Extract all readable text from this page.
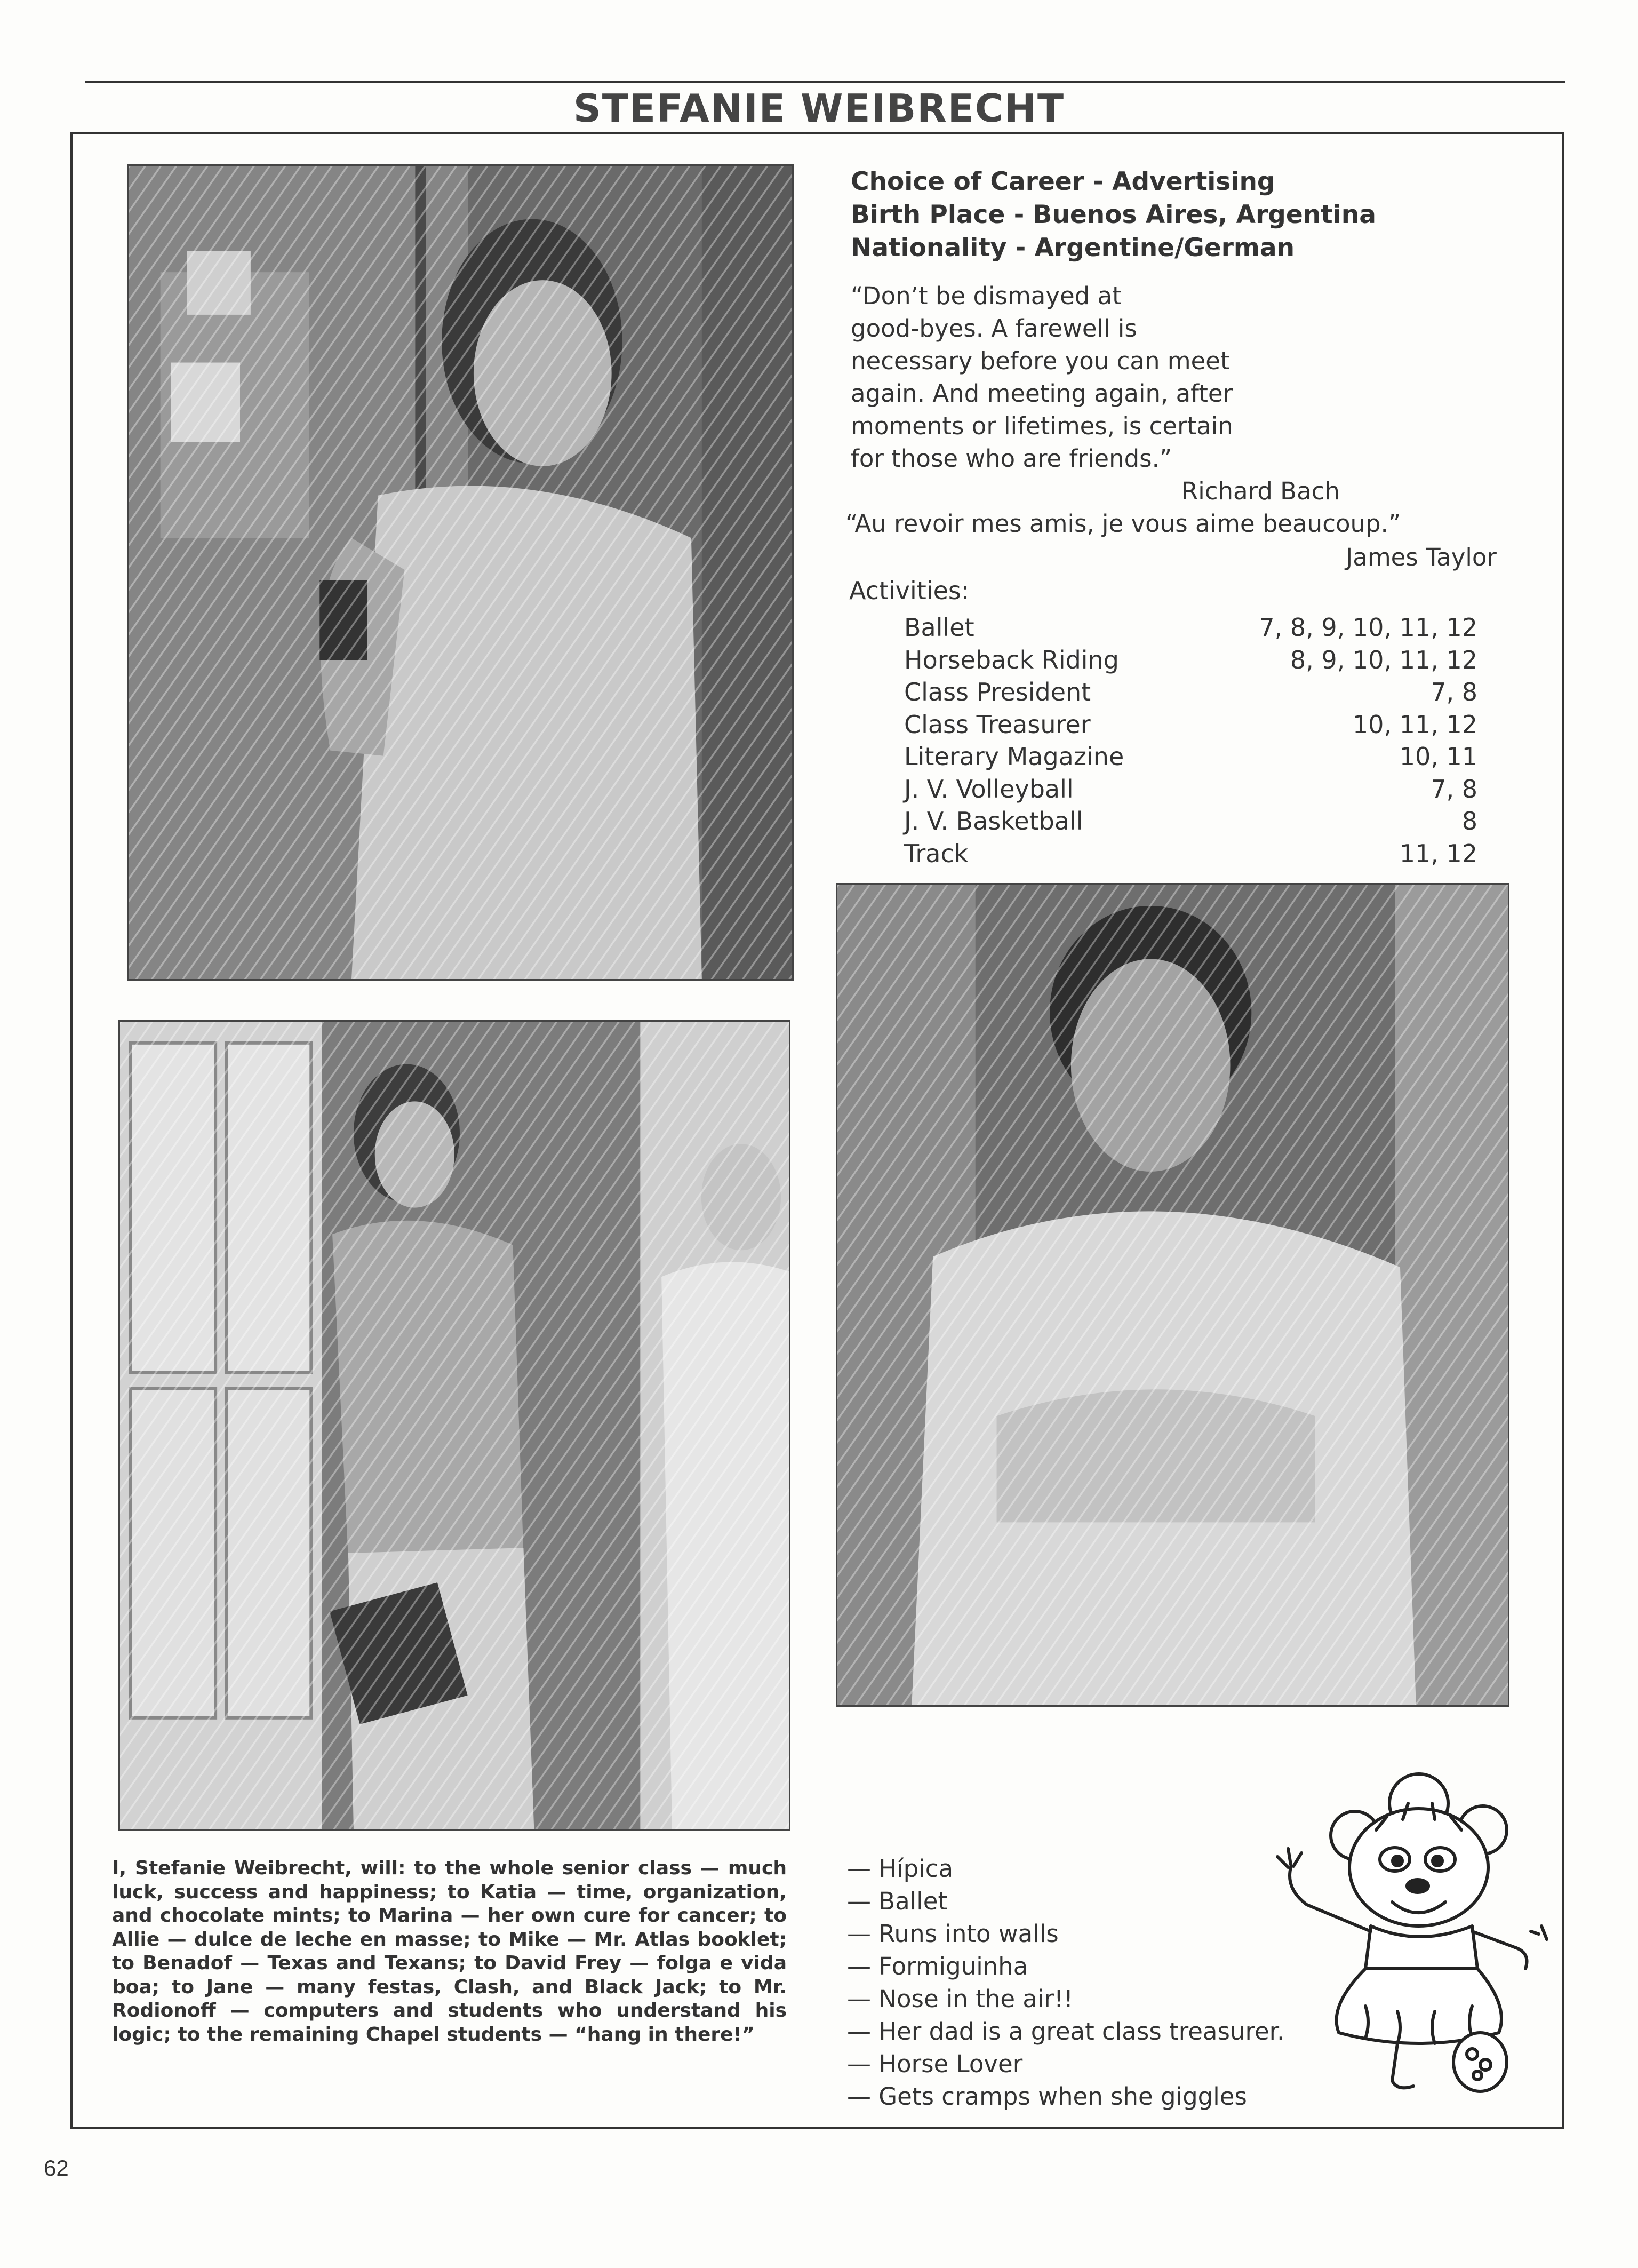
STEFANIE WEIBRECHT
Choice of Career - Advertising
Birth Place - Buenos Aires, Argentina
Nationality - Argentine/German
“Don’t be dismayed at
good-byes. A farewell is
necessary before you can meet
again. And meeting again, after
moments or lifetimes, is certain
for those who are friends.”
Richard Bach
“Au revoir mes amis, je vous aime beaucoup.”
James Taylor
Activities:
Ballet	7, 8, 9, 10, 11, 12
Horseback Riding	8, 9, 10, 11, 12
Class President	7, 8
Class Treasurer	10, 11, 12
Literary Magazine	10, 11
J. V. Volleyball	7, 8
J. V. Basketball	8
Track	11, 12
I, Stefanie Weibrecht, will: to the whole senior class — much luck, success and happiness; to Katia — time, organization, and chocolate mints; to Marina — her own cure for cancer; to Allie — dulce de leche en masse; to Mike — Mr. Atlas booklet; to Benadof — Texas and Texans; to David Frey — folga e vida boa; to Jane — many festas, Clash, and Black Jack; to Mr. Rodionoff — computers and students who understand his logic; to the remaining Chapel students — “hang in there!”
— Hípica
— Ballet
— Runs into walls
— Formiguinha
— Nose in the air!!
— Her dad is a great class treasurer.
— Horse Lover
— Gets cramps when she giggles
62
